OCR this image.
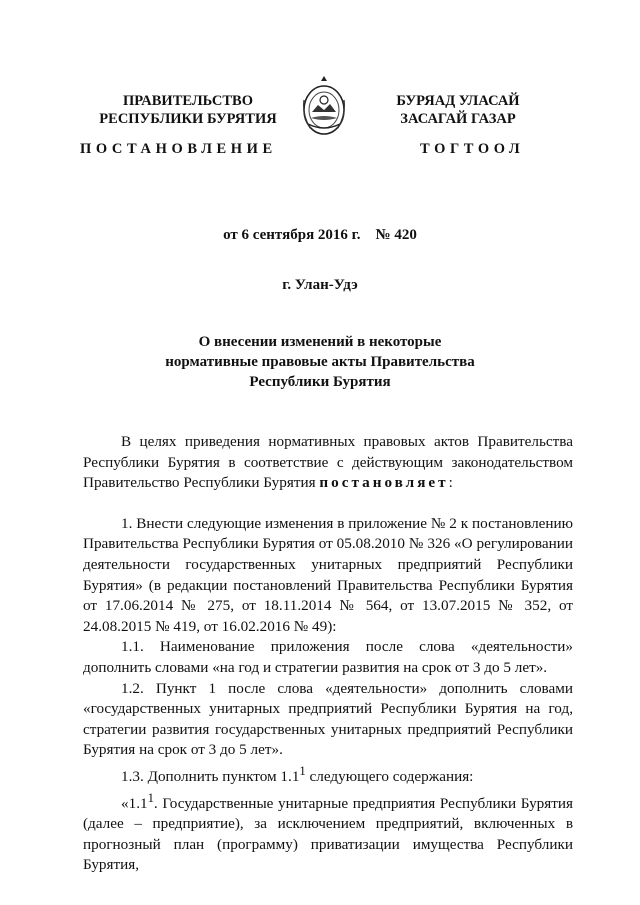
ПРАВИТЕЛЬСТВО
РЕСПУБЛИКИ БУРЯТИЯ
БУРЯАД УЛАСАЙ
ЗАСАГАЙ ГАЗАР
ПОСТАНОВЛЕНИЕ	ТОГТООЛ
от 6 сентября 2016 г.    № 420
г. Улан-Удэ
О внесении изменений в некоторые
нормативные правовые акты Правительства
Республики Бурятия

В целях приведения нормативных правовых актов Правительства Республики Бурятия в соответствие с действующим законодательством Правительство Республики Бурятия постановляет:

1. Внести следующие изменения в приложение № 2 к постановлению Правительства Республики Бурятия от 05.08.2010 № 326 «О регулировании деятельности государственных унитарных предприятий Республики Бурятия» (в редакции постановлений Правительства Республики Бурятия от 17.06.2014 № 275, от 18.11.2014 № 564, от 13.07.2015 № 352, от 24.08.2015 № 419, от 16.02.2016 № 49):

1.1. Наименование приложения после слова «деятельности» дополнить словами «на год и стратегии развития на срок от 3 до 5 лет».

1.2. Пункт 1 после слова «деятельности» дополнить словами «государственных унитарных предприятий Республики Бурятия на год, стратегии развития государственных унитарных предприятий Республики Бурятия на срок от 3 до 5 лет».

1.3. Дополнить пунктом $1.1^1$ следующего содержания:

«$1.1^1$. Государственные унитарные предприятия Республики Бурятия (далее – предприятие), за исключением предприятий, включенных в прогнозный план (программу) приватизации имущества Республики Бурятия,
